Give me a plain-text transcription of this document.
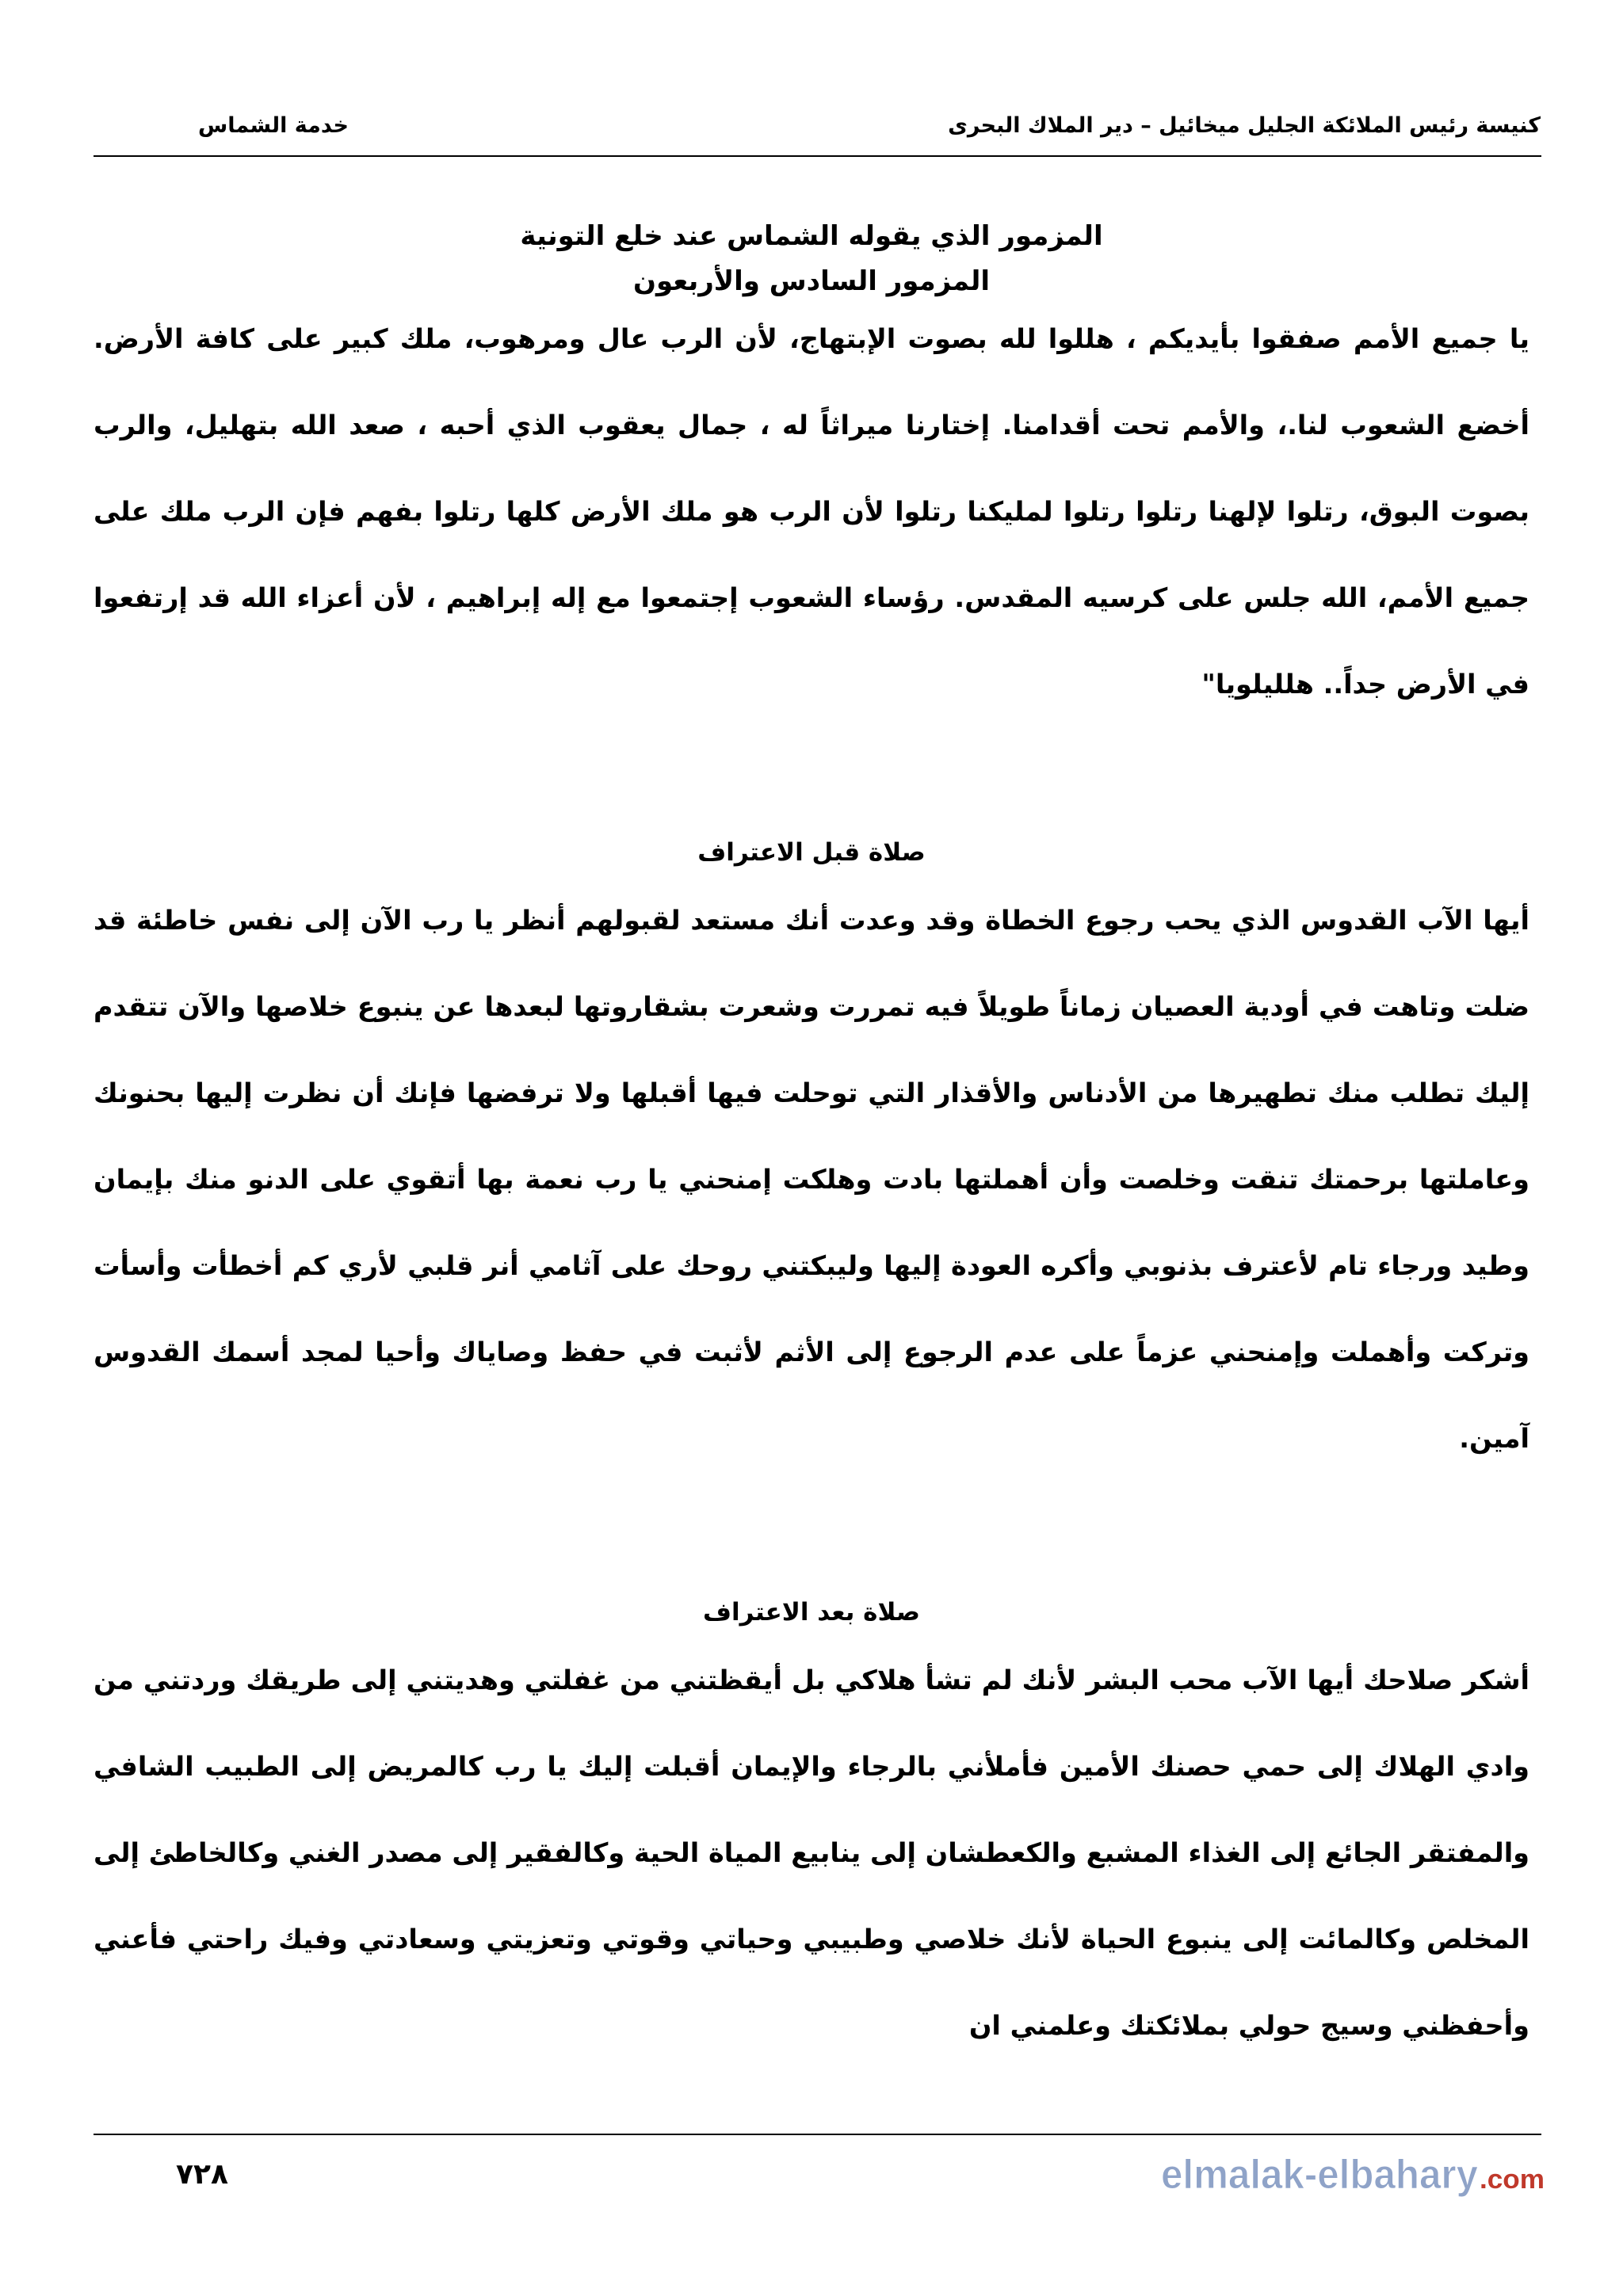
كنيسة رئيس الملائكة الجليل ميخائيل – دير الملاك البحرى
خدمة الشماس
المزمور الذي يقوله الشماس عند خلع التونية
المزمور السادس والأربعون
يا جميع الأمم صفقوا بأيديكم ، هللوا لله بصوت الإبتهاج، لأن الرب عال ومرهوب، ملك كبير على كافة الأرض. أخضع الشعوب لنا.، والأمم تحت أقدامنا. إختارنا ميراثاً له ، جمال يعقوب الذي أحبه ، صعد الله بتهليل، والرب بصوت البوق، رتلوا لإلهنا رتلوا رتلوا لمليكنا رتلوا لأن الرب هو ملك الأرض كلها رتلوا بفهم فإن الرب ملك على جميع الأمم، الله جلس على كرسيه المقدس. رؤساء الشعوب إجتمعوا مع إله إبراهيم ، لأن أعزاء الله قد إرتفعوا في الأرض جداً.. هلليلويا"
صلاة قبل الاعتراف
أيها الآب القدوس الذي يحب رجوع الخطاة وقد وعدت أنك مستعد لقبولهم أنظر يا رب الآن إلى نفس خاطئة قد ضلت وتاهت في أودية العصيان زماناً طويلاً فيه تمررت وشعرت بشقاروتها لبعدها عن ينبوع خلاصها والآن تتقدم إليك تطلب منك تطهيرها من الأدناس والأقذار التي توحلت فيها أقبلها ولا ترفضها فإنك أن نظرت إليها بحنونك وعاملتها برحمتك تنقت وخلصت وأن أهملتها بادت وهلكت إمنحني يا رب نعمة بها أتقوي على الدنو منك بإيمان وطيد ورجاء تام لأعترف بذنوبي وأكره العودة إليها وليبكتني روحك على آثامي أنر قلبي لأري كم أخطأت وأسأت وتركت وأهملت وإمنحني عزماً على عدم الرجوع إلى الأثم لأثبت في حفظ وصاياك وأحيا لمجد أسمك القدوس آمين.
صلاة بعد الاعتراف
أشكر صلاحك أيها الآب محب البشر لأنك لم تشأ هلاكي بل أيقظتني من غفلتي وهديتني إلى طريقك وردتني من وادي الهلاك إلى حمي حصنك الأمين فأملأني بالرجاء والإيمان أقبلت إليك يا رب كالمريض إلى الطبيب الشافي والمفتقر الجائع إلى الغذاء المشبع والكعطشان إلى ينابيع المياة الحية وكالفقير إلى مصدر الغني وكالخاطئ إلى المخلص وكالمائت إلى ينبوع الحياة لأنك خلاصي وطبيبي وحياتي وقوتي وتعزيتي وسعادتي وفيك راحتي فأعني وأحفظني وسيج حولي بملائكتك وعلمني ان
٧٢٨	elmalak-elbahary .com
